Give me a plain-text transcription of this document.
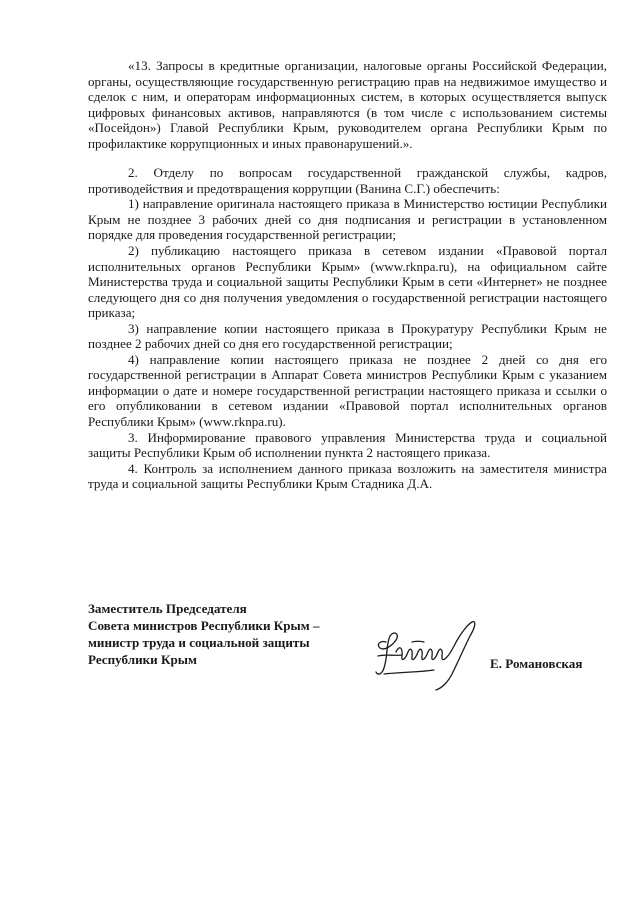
«13. Запросы в кредитные организации, налоговые органы Российской Федерации, органы, осуществляющие государственную регистрацию прав на недвижимое имущество и сделок с ним, и операторам информационных систем, в которых осуществляется выпуск цифровых финансовых активов, направляются (в том числе с использованием системы «Посейдон») Главой Республики Крым, руководителем органа Республики Крым по профилактике коррупционных и иных правонарушений.».

2. Отделу по вопросам государственной гражданской службы, кадров, противодействия и предотвращения коррупции (Ванина С.Г.) обеспечить:

1) направление оригинала настоящего приказа в Министерство юстиции Республики Крым не позднее 3 рабочих дней со дня подписания и регистрации в установленном порядке для проведения государственной регистрации;

2) публикацию настоящего приказа в сетевом издании «Правовой портал исполнительных органов Республики Крым» (www.rknpa.ru), на официальном сайте Министерства труда и социальной защиты Республики Крым в сети «Интернет» не позднее следующего дня со дня получения уведомления о государственной регистрации настоящего приказа;

3) направление копии настоящего приказа в Прокуратуру Республики Крым не позднее 2 рабочих дней со дня его государственной регистрации;

4) направление копии настоящего приказа не позднее 2 дней со дня его государственной регистрации в Аппарат Совета министров Республики Крым с указанием информации о дате и номере государственной регистрации настоящего приказа и ссылки о его опубликовании в сетевом издании «Правовой портал исполнительных органов Республики Крым» (www.rknpa.ru).

3. Информирование правового управления Министерства труда и социальной защиты Республики Крым об исполнении пункта 2 настоящего приказа.

4. Контроль за исполнением данного приказа возложить на заместителя министра труда и социальной защиты Республики Крым Стадника Д.А.

Заместитель Председателя

Совета министров Республики Крым –

министр труда и социальной защиты

Республики Крым	Е. Романовская
